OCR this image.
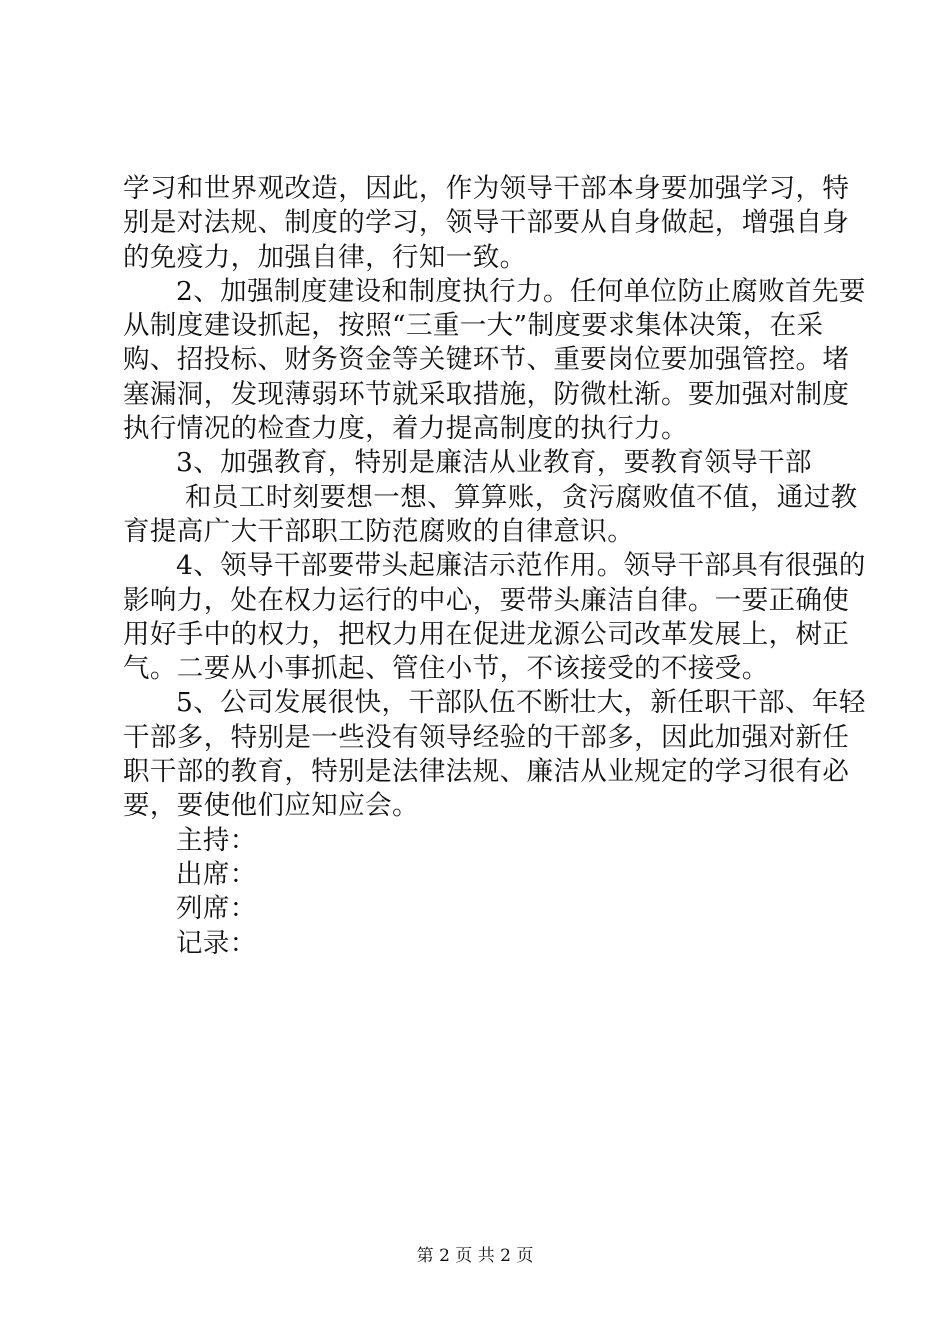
学习和世界观改造，因此，作为领导干部本身要加强学习，特
别是对法规、制度的学习，领导干部要从自身做起，增强自身
的免疫力，加强自律，行知一致。
2、加强制度建设和制度执行力。任何单位防止腐败首先要
从制度建设抓起，按照“三重一大”制度要求集体决策，在采
购、招投标、财务资金等关键环节、重要岗位要加强管控。堵
塞漏洞，发现薄弱环节就采取措施，防微杜渐。要加强对制度
执行情况的检查力度，着力提高制度的执行力。
3、加强教育，特别是廉洁从业教育，要教育领导干部
和员工时刻要想一想、算算账，贪污腐败值不值，通过教
育提高广大干部职工防范腐败的自律意识。
4、领导干部要带头起廉洁示范作用。领导干部具有很强的
影响力，处在权力运行的中心，要带头廉洁自律。一要正确使
用好手中的权力，把权力用在促进龙源公司改革发展上，树正
气。二要从小事抓起、管住小节，不该接受的不接受。
5、公司发展很快，干部队伍不断壮大，新任职干部、年轻
干部多，特别是一些没有领导经验的干部多，因此加强对新任
职干部的教育，特别是法律法规、廉洁从业规定的学习很有必
要，要使他们应知应会。
主持：
出席：
列席：
记录：
第 2 页 共 2 页
